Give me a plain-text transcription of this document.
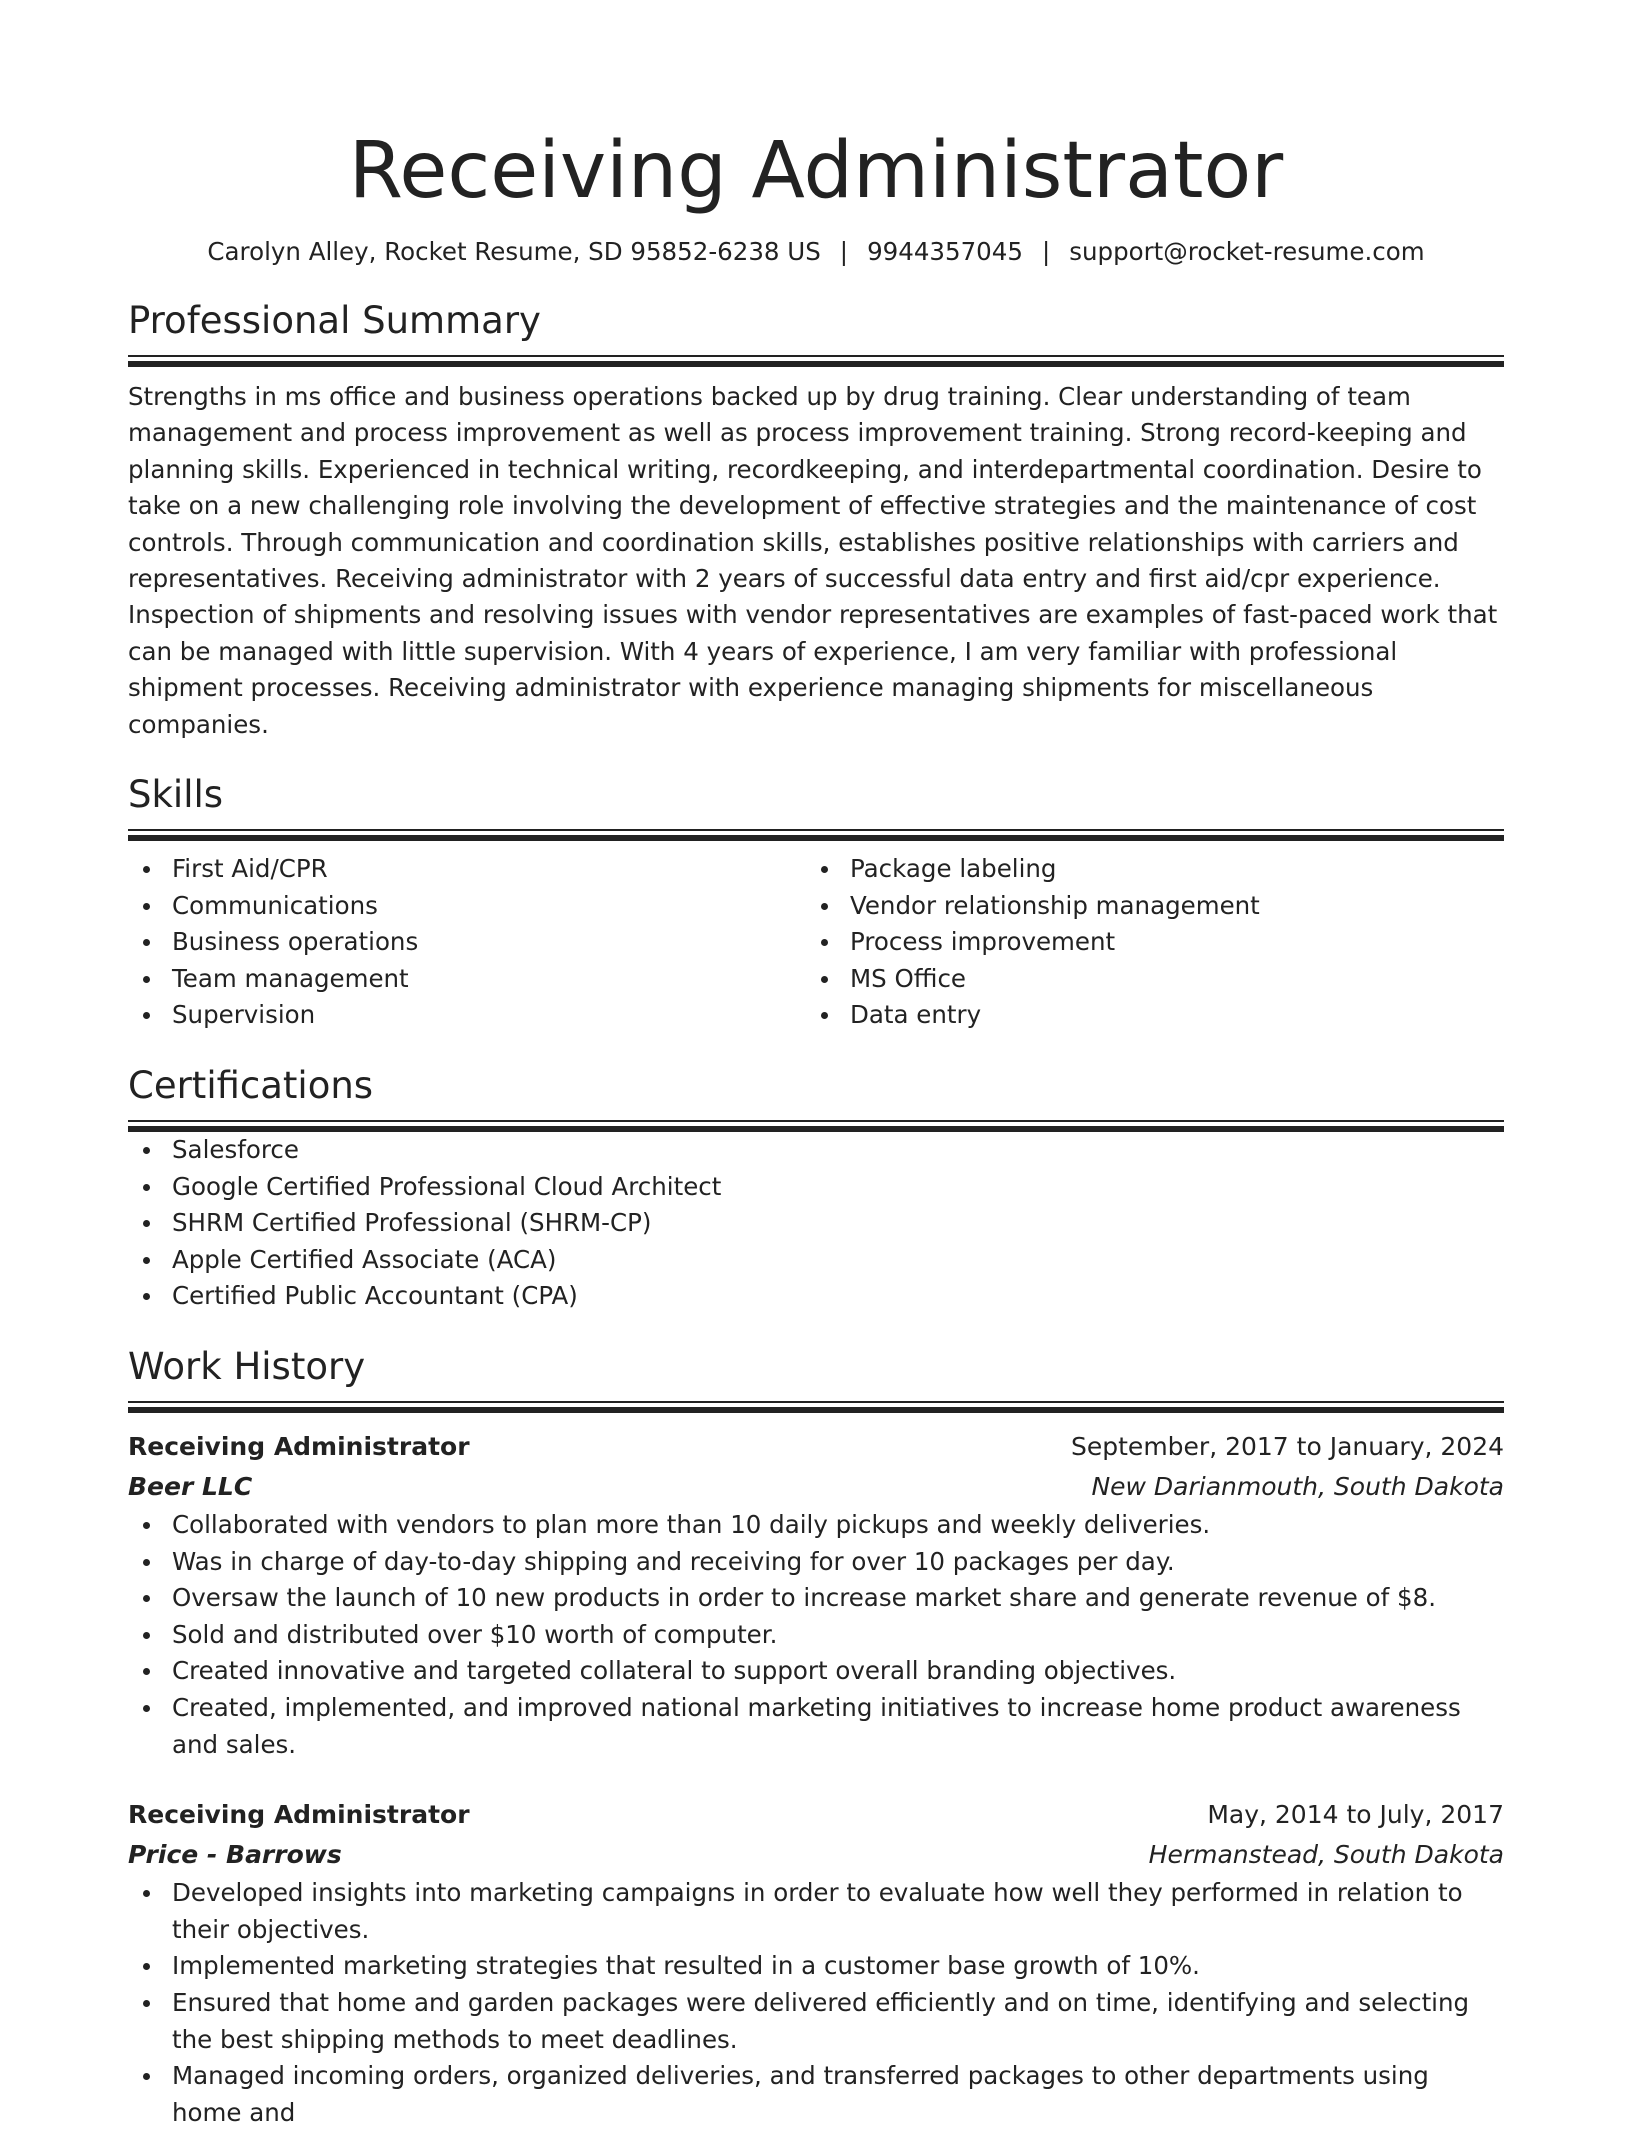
Receiving Administrator
Carolyn Alley, Rocket Resume, SD 95852-6238 US | 9944357045 | support@rocket-resume.com
Professional Summary

Strengths in ms office and business operations backed up by drug training. Clear understanding of team management and process improvement as well as process improvement training. Strong record-keeping and planning skills. Experienced in technical writing, recordkeeping, and interdepartmental coordination. Desire to take on a new challenging role involving the development of effective strategies and the maintenance of cost controls. Through communication and coordination skills, establishes positive relationships with carriers and representatives. Receiving administrator with 2 years of successful data entry and first aid/cpr experience. Inspection of shipments and resolving issues with vendor representatives are examples of fast-paced work that can be managed with little supervision. With 4 years of experience, I am very familiar with professional shipment processes. Receiving administrator with experience managing shipments for miscellaneous companies.

Skills
First Aid/CPR
Communications
Business operations
Team management
Supervision
Package labeling
Vendor relationship management
Process improvement
MS Office
Data entry
Certifications
Salesforce
Google Certified Professional Cloud Architect
SHRM Certified Professional (SHRM-CP)
Apple Certified Associate (ACA)
Certified Public Accountant (CPA)
Work History
Receiving Administrator	September, 2017 to January, 2024
Beer LLC	New Darianmouth, South Dakota
Collaborated with vendors to plan more than 10 daily pickups and weekly deliveries.
Was in charge of day-to-day shipping and receiving for over 10 packages per day.
Oversaw the launch of 10 new products in order to increase market share and generate revenue of $8.
Sold and distributed over $10 worth of computer.
Created innovative and targeted collateral to support overall branding objectives.
Created, implemented, and improved national marketing initiatives to increase home product awareness and sales.
Receiving Administrator	May, 2014 to July, 2017
Price - Barrows	Hermanstead, South Dakota
Developed insights into marketing campaigns in order to evaluate how well they performed in relation to their objectives.
Implemented marketing strategies that resulted in a customer base growth of 10%.
Ensured that home and garden packages were delivered efficiently and on time, identifying and selecting the best shipping methods to meet deadlines.
Managed incoming orders, organized deliveries, and transferred packages to other departments using home and
